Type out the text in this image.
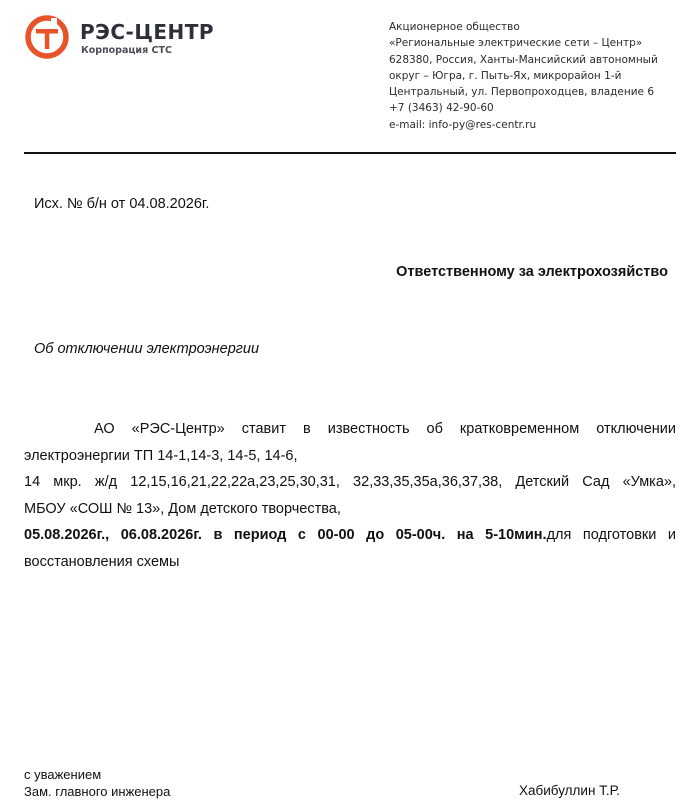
РЭС-ЦЕНТР
Корпорация СТС
Акционерное общество
«Региональные электрические сети – Центр»
628380, Россия, Ханты-Мансийский автономный
округ – Югра, г. Пыть-Ях, микрорайон 1-й
Центральный, ул. Первопроходцев, владение 6
+7 (3463) 42-90-60
e-mail: info-py@res-centr.ru
Исх. № б/н от 04.08.2026г.
Ответственному за электрохозяйство
Об отключении электроэнергии
АО «РЭС-Центр» ставит в известность об кратковременном отключении
электроэнергии ТП 14-1,14-3, 14-5, 14-6,
14 мкр. ж/д 12,15,16,21,22,22а,23,25,30,31, 32,33,35,35а,36,37,38, Детский Сад «Умка»,
МБОУ «СОШ № 13», Дом детского творчества,
05.08.2026г., 06.08.2026г. в период с 00-00 до 05-00ч. на 5-10мин.для подготовки и
восстановления схемы
с уважением
Зам. главного инженера	Хабибуллин Т.Р.
